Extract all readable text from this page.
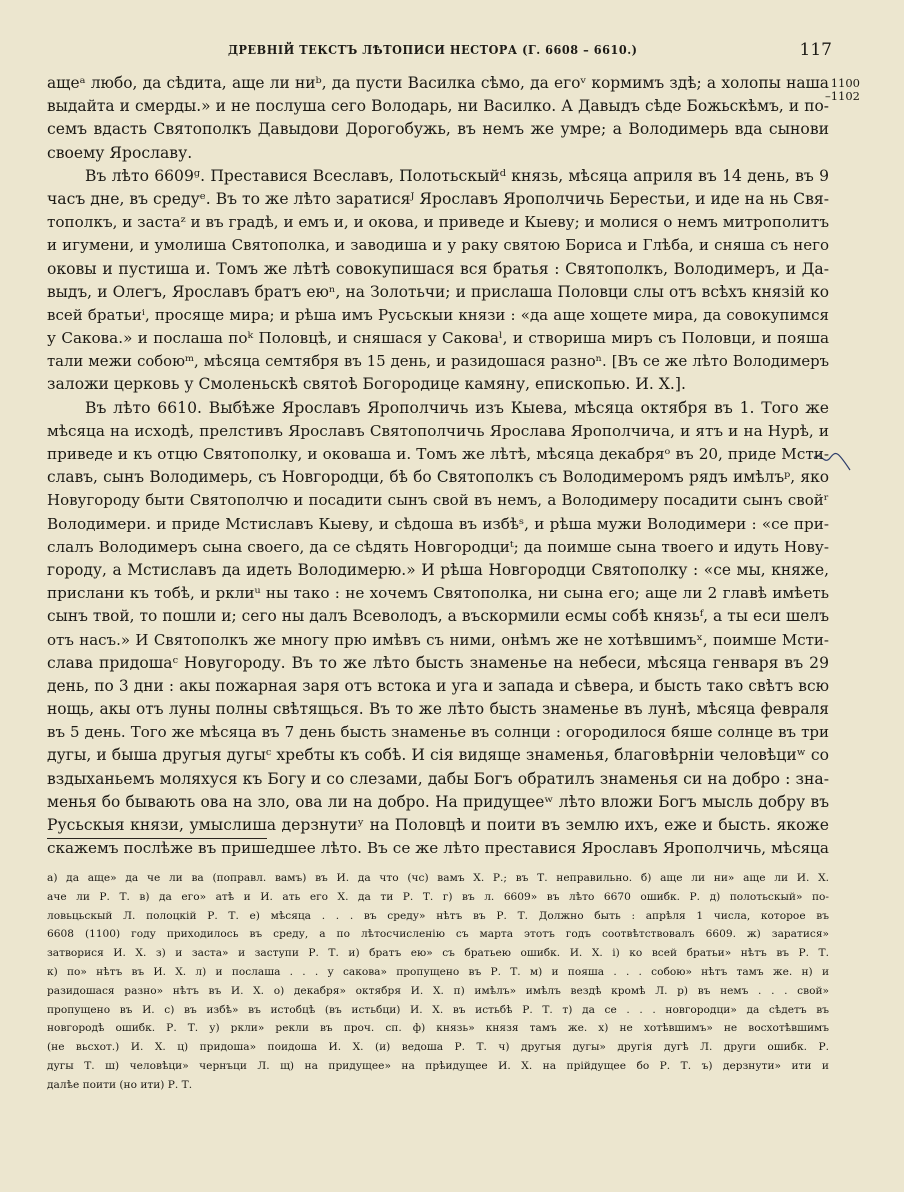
ДРЕВНІЙ ТЕКСТЪ ЛѢТОПИСИ НЕСТОРА (Г. 6608 – 6610.)	117
1100
–1102
ащеᵃ любо, да сѣдита, аще ли ниᵇ, да пусти Василка сѣмо, да егоᵛ кормимъ здѣ; а холопы наша
выдайта и смерды.» и не послуша сего Володарь, ни Василко. А Давыдъ сѣде Божьскѣмъ, и по-
семъ вдасть Святополкъ Давыдови Дорогобужь, въ немъ же умре; а Володимерь вда сынови
своему Ярославу.
Въ лѣто 6609ᵍ. Преставися Всеславъ, Полотьскыйᵈ князь, мѣсяца априля въ 14 день, въ 9
часъ дне, въ средуᵉ. Въ то же лѣто заратисяᴶ Ярославъ Ярополчичь Берестьи, и иде на нь Свя-
тополкъ, и застаᶻ и въ градѣ, и емъ и, и окова, и приведе и Кыеву; и молися о немъ митрополитъ
и игумени, и умолиша Святополка, и заводиша и у раку святою Бориса и Глѣба, и сняша съ него
оковы и пустиша и. Томъ же лѣтѣ совокупишася вся братья : Святополкъ, Володимеръ, и Да-
выдъ, и Олегъ, Ярославъ братъ еюⁿ, на Золотьчи; и прислаша Половци слы отъ всѣхъ князій ко
всей братьиⁱ, просяще мира; и рѣша имъ Русьскыи князи : «да аще хощете мира, да совокупимся
у Сакова.» и послаша поᵏ Половцѣ, и сняшася у Саковаˡ, и створиша миръ съ Половци, и пояша
тали межи собоюᵐ, мѣсяца семтября въ 15 день, и разидошася разноⁿ. [Въ се же лѣто Володимеръ
заложи церковь у Смоленьскѣ святоѣ Богородице камяну, епископью. И. Х.].
Въ лѣто 6610. Выбѣже Ярославъ Ярополчичь изъ Кыева, мѣсяца октября въ 1. Того же
мѣсяца на исходѣ, прелстивъ Ярославъ Святополчичь Ярослава Ярополчича, и ятъ и на Нурѣ, и
приведе и къ отцю Святополку, и оковаша и. Томъ же лѣтѣ, мѣсяца декабряᵒ въ 20, приде Мсти-
славъ, сынъ Володимерь, съ Новгородци, бѣ бо Святополкъ съ Володимеромъ рядъ имѣлъᵖ, яко
Новугороду быти Святополчю и посадити сынъ свой въ немъ, а Володимеру посадити сынъ свойʳ
Володимери. и приде Мстиславъ Кыеву, и сѣдоша въ избѣˢ, и рѣша мужи Володимери : «се при-
слалъ Володимеръ сына своего, да се сѣдять Новгородциᵗ; да поимше сына твоего и идуть Нову-
городу, а Мстиславъ да идеть Володимерю.» И рѣша Новгородци Святополку : «се мы, княже,
прислани къ тобѣ, и рклиᵘ ны тако : не хочемъ Святополка, ни сына его; аще ли 2 главѣ имѣеть
сынъ твой, то пошли и; сего ны далъ Всеволодъ, а въскормили есмы собѣ князьᶠ, а ты еси шелъ
отъ насъ.» И Святополкъ же многу прю имѣвъ съ ними, онѣмъ же не хотѣвшимъˣ, поимше Мсти-
слава придошаᶜ Новугороду. Въ то же лѣто бысть знаменье на небеси, мѣсяца генваря въ 29
день, по 3 дни : акы пожарная заря отъ встока и уга и запада и сѣвера, и бысть тако свѣтъ всю
нощь, акы отъ луны полны свѣтящься. Въ то же лѣто бысть знаменье въ лунѣ, мѣсяца февраля
въ 5 день. Того же мѣсяца въ 7 день бысть знаменье въ солнци : огородилося бяше солнце въ три
дугы, и быша другыя дугыᶜ хребты къ собѣ. И сія видяще знаменья, благовѣрніи человѣциʷ со
вздыханьемъ моляхуся къ Богу и со слезами, дабы Богъ обратилъ знаменья си на добро : зна-
менья бо бывають ова на зло, ова ли на добро. На придущееʷ лѣто вложи Богъ мысль добру въ
Русьскыя князи, умыслиша дерзнутиʸ на Половцѣ и поити въ землю ихъ, еже и бысть. якоже
скажемъ послѣже въ пришедшее лѣто. Въ се же лѣто преставися Ярославъ Ярополчичь, мѣсяца
а) да аще» да че ли ва (поправл. вамъ) въ И. да что (чс) вамъ Х. Р.; въ Т. неправильно. б) аще ли ни» аще ли И. Х.
аче ли Р. Т. в) да его» атѣ и И. ать его Х. да ти Р. Т. г) въ л. 6609» въ лѣто 6670 ошибк. Р. д) полотьскый» по-
ловьцьскый Л. полоцкій Р. Т. е) мѣсяца . . . въ среду» нѣтъ въ Р. Т. Должно быть : апрѣля 1 числа, которое въ
6608 (1100) году приходилось въ среду, а по лѣтосчисленію съ марта этотъ годъ соотвѣтствовалъ 6609. ж) заратися»
затворися И. Х. з) и заста» и заступи Р. Т. и) братъ ею» съ братьею ошибк. И. Х. і) ко всей братьи» нѣтъ въ Р. Т.
к) по» нѣтъ въ И. Х. л) и послаша . . . у сакова» пропущено въ Р. Т. м) и пояша . . . собою» нѣтъ тамъ же. н) и
разидошася разно» нѣтъ въ И. Х. о) декабря» октября И. Х. п) имѣлъ» имѣлъ вездѣ кромѣ Л. р) въ немъ . . . свой»
пропущено въ И. с) въ избѣ» въ истобцѣ (въ истьбци) И. Х. въ истьбѣ Р. Т. т) да се . . . новгородци» да сѣдетъ въ
новгородѣ ошибк. Р. Т. у) ркли» рекли въ проч. сп. ф) князь» князя тамъ же. х) не хотѣвшимъ» не восхотѣвшимъ
(не вьсхот.) И. Х. ц) придоша» поидоша И. Х. (и) ведоша Р. Т. ч) другыя дугы» другія дугѣ Л. други ошибк. Р.
дугы Т. ш) человѣци» чернъци Л. щ) на придущее» на прѣидущее И. Х. на прійдущее бо Р. Т. ъ) дерзнути» ити и
далѣе поити (но ити) Р. Т.
